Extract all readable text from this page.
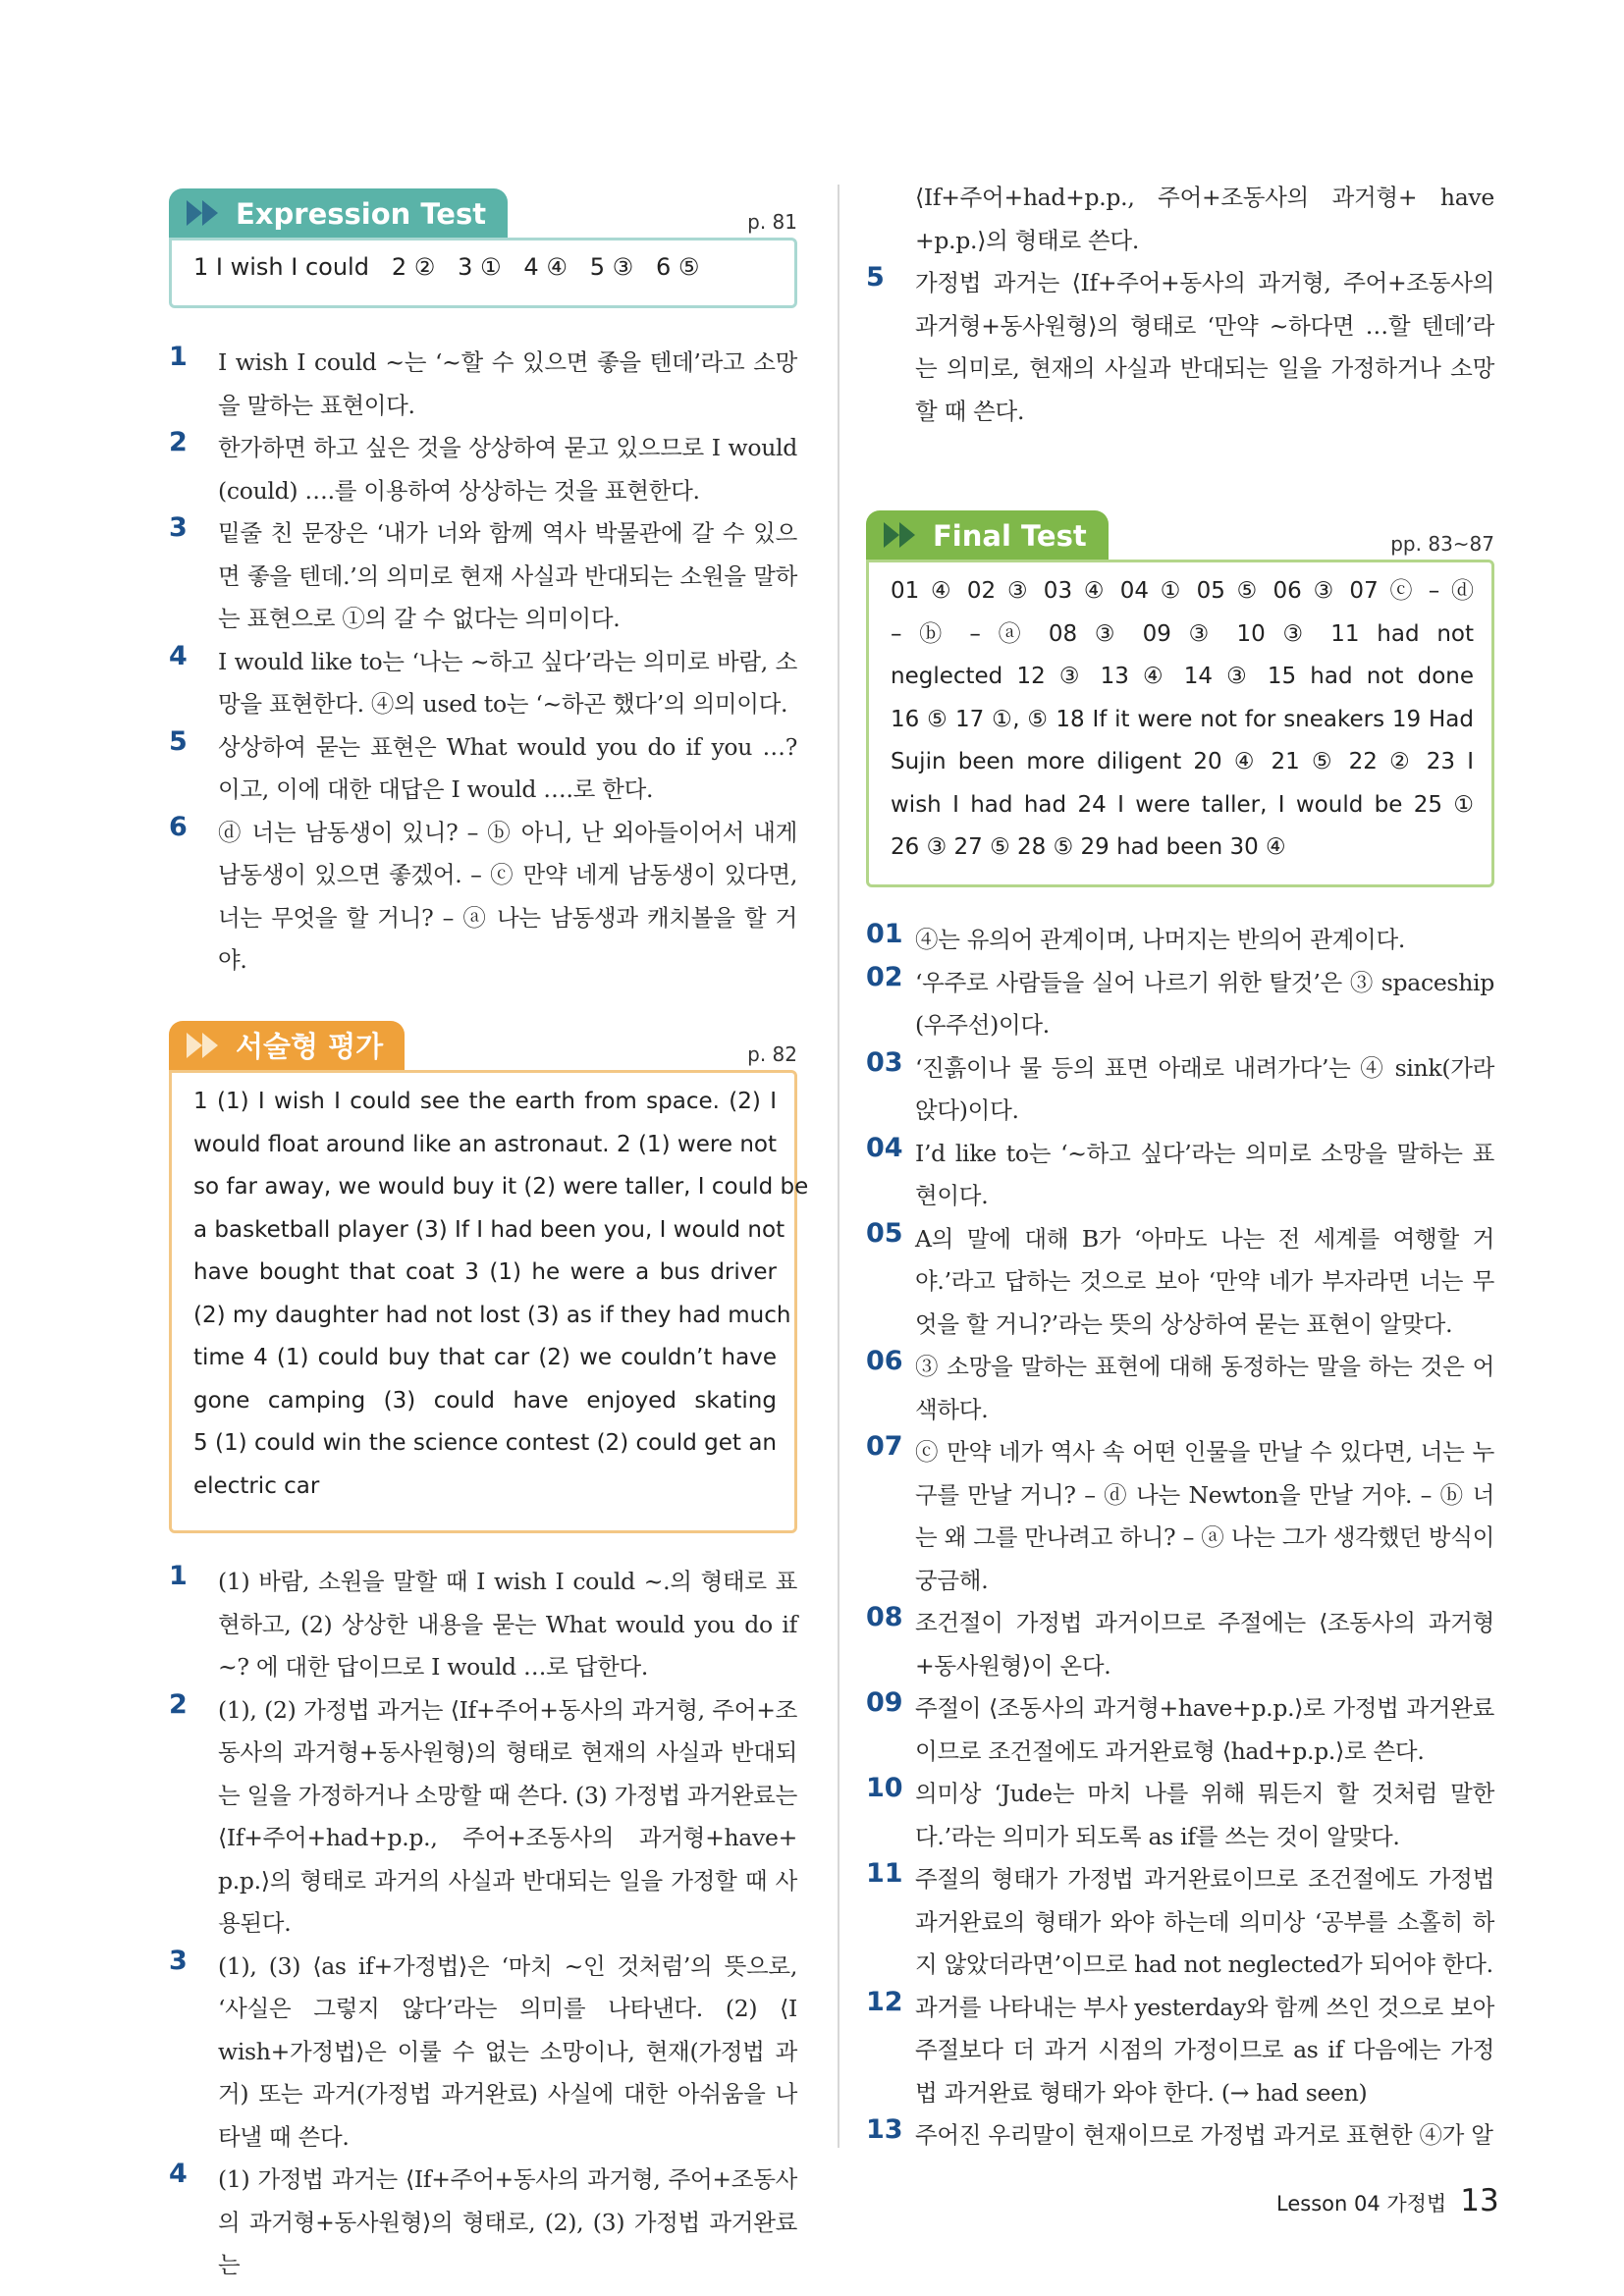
Expression Test	p. 81
1 I wish I could   2 ②   3 ①   4 ④   5 ③   6 ⑤
1 I wish I could ~는 ‘~할 수 있으면 좋을 텐데’라고 소망을 말하는 표현이다.
2 한가하면 하고 싶은 것을 상상하여 묻고 있으므로 I would (could) ….를 이용하여 상상하는 것을 표현한다.
3 밑줄 친 문장은 ‘내가 너와 함께 역사 박물관에 갈 수 있으면 좋을 텐데.’의 의미로 현재 사실과 반대되는 소원을 말하는 표현으로 ①의 갈 수 없다는 의미이다.
4 I would like to는 ‘나는 ~하고 싶다’라는 의미로 바람, 소망을 표현한다. ④의 used to는 ‘~하곤 했다’의 의미이다.
5 상상하여 묻는 표현은 What would you do if you …? 이고, 이에 대한 대답은 I would ….로 한다.
6 ⓓ 너는 남동생이 있니? – ⓑ 아니, 난 외아들이어서 내게 남동생이 있으면 좋겠어. – ⓒ 만약 네게 남동생이 있다면, 너는 무엇을 할 거니? – ⓐ 나는 남동생과 캐치볼을 할 거야.
서술형 평가	p. 82
1 (1) I wish I could see the earth from space. (2) I
would float around like an astronaut. 2 (1) were not
so far away, we would buy it (2) were taller, I could be
a basketball player (3) If I had been you, I would not
have bought that coat 3 (1) he were a bus driver
(2) my daughter had not lost (3) as if they had much
time 4 (1) could buy that car (2) we couldn’t have
gone camping (3) could have enjoyed skating
5 (1) could win the science contest (2) could get an
electric car
1 (1) 바람, 소원을 말할 때 I wish I could ~.의 형태로 표현하고, (2) 상상한 내용을 묻는 What would you do if ~? 에 대한 답이므로 I would …로 답한다.
2 (1), (2) 가정법 과거는 ⟨If+주어+동사의 과거형, 주어+조동사의 과거형+동사원형⟩의 형태로 현재의 사실과 반대되는 일을 가정하거나 소망할 때 쓴다. (3) 가정법 과거완료는 ⟨If+주어+had+p.p., 주어+조동사의 과거형+have+ p.p.⟩의 형태로 과거의 사실과 반대되는 일을 가정할 때 사용된다.
3 (1), (3) ⟨as if+가정법⟩은 ‘마치 ~인 것처럼’의 뜻으로, ‘사실은 그렇지 않다’라는 의미를 나타낸다. (2) ⟨I wish+가정법⟩은 이룰 수 없는 소망이나, 현재(가정법 과거) 또는 과거(가정법 과거완료) 사실에 대한 아쉬움을 나타낼 때 쓴다.
4 (1) 가정법 과거는 ⟨If+주어+동사의 과거형, 주어+조동사의 과거형+동사원형⟩의 형태로, (2), (3) 가정법 과거완료는
⟨If+주어+had+p.p., 주어+조동사의 과거형+ have +p.p.⟩의 형태로 쓴다.
5 가정법 과거는 ⟨If+주어+동사의 과거형, 주어+조동사의 과거형+동사원형⟩의 형태로 ‘만약 ~하다면 …할 텐데’라는 의미로, 현재의 사실과 반대되는 일을 가정하거나 소망할 때 쓴다.
Final Test	pp. 83~87
01 ④ 02 ③ 03 ④ 04 ① 05 ⑤ 06 ③ 07 ⓒ – ⓓ
– ⓑ – ⓐ 08 ③ 09 ③ 10 ③ 11 had not
neglected 12 ③ 13 ④ 14 ③ 15 had not done
16 ⑤ 17 ①, ⑤ 18 If it were not for sneakers 19 Had
Sujin been more diligent 20 ④ 21 ⑤ 22 ② 23 I
wish I had had 24 I were taller, I would be 25 ①
26 ③ 27 ⑤ 28 ⑤ 29 had been 30 ④
01 ④는 유의어 관계이며, 나머지는 반의어 관계이다.
02 ‘우주로 사람들을 실어 나르기 위한 탈것’은 ③ spaceship (우주선)이다.
03 ‘진흙이나 물 등의 표면 아래로 내려가다’는 ④ sink(가라앉다)이다.
04 I’d like to는 ‘~하고 싶다’라는 의미로 소망을 말하는 표현이다.
05 A의 말에 대해 B가 ‘아마도 나는 전 세계를 여행할 거야.’라고 답하는 것으로 보아 ‘만약 네가 부자라면 너는 무엇을 할 거니?’라는 뜻의 상상하여 묻는 표현이 알맞다.
06 ③ 소망을 말하는 표현에 대해 동정하는 말을 하는 것은 어색하다.
07 ⓒ 만약 네가 역사 속 어떤 인물을 만날 수 있다면, 너는 누구를 만날 거니? – ⓓ 나는 Newton을 만날 거야. – ⓑ 너는 왜 그를 만나려고 하니? – ⓐ 나는 그가 생각했던 방식이 궁금해.
08 조건절이 가정법 과거이므로 주절에는 ⟨조동사의 과거형+동사원형⟩이 온다.
09 주절이 ⟨조동사의 과거형+have+p.p.⟩로 가정법 과거완료이므로 조건절에도 과거완료형 ⟨had+p.p.⟩로 쓴다.
10 의미상 ‘Jude는 마치 나를 위해 뭐든지 할 것처럼 말한다.’라는 의미가 되도록 as if를 쓰는 것이 알맞다.
11 주절의 형태가 가정법 과거완료이므로 조건절에도 가정법 과거완료의 형태가 와야 하는데 의미상 ‘공부를 소홀히 하지 않았더라면’이므로 had not neglected가 되어야 한다.
12 과거를 나타내는 부사 yesterday와 함께 쓰인 것으로 보아 주절보다 더 과거 시점의 가정이므로 as if 다음에는 가정법 과거완료 형태가 와야 한다. (→ had seen)
13 주어진 우리말이 현재이므로 가정법 과거로 표현한 ④가 알
Lesson 04 가정법 13
